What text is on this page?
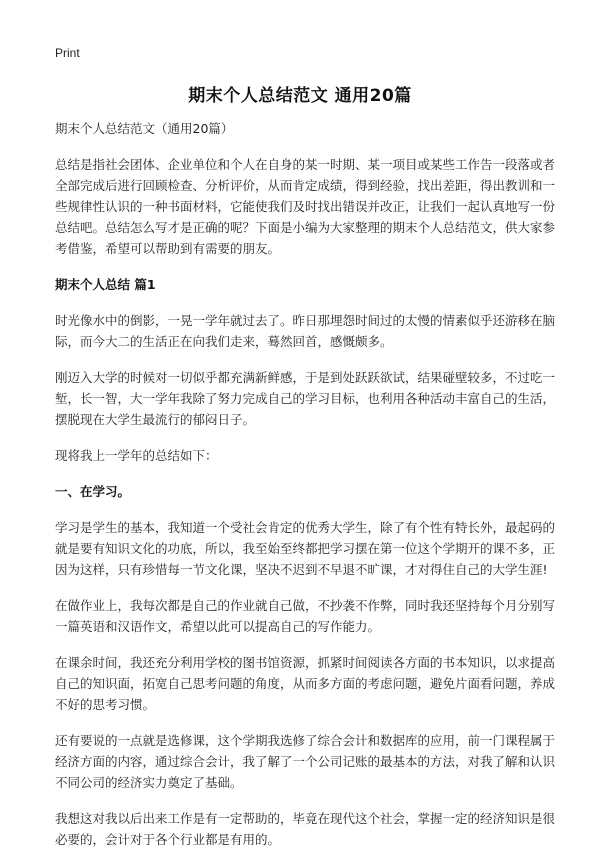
Print
期末个人总结范文 通用20篇
期末个人总结范文（通用20篇）
总结是指社会团体、企业单位和个人在自身的某一时期、某一项目或某些工作告一段落或者全部完成后进行回顾检查、分析评价，从而肯定成绩，得到经验，找出差距，得出教训和一些规律性认识的一种书面材料，它能使我们及时找出错误并改正，让我们一起认真地写一份总结吧。总结怎么写才是正确的呢？下面是小编为大家整理的期末个人总结范文，供大家参考借鉴，希望可以帮助到有需要的朋友。
期末个人总结 篇1
时光像水中的倒影，一晃一学年就过去了。昨日那埋怨时间过的太慢的情素似乎还游移在脑际，而今大二的生活正在向我们走来，蓦然回首，感慨颇多。
刚迈入大学的时候对一切似乎都充满新鲜感，于是到处跃跃欲试，结果碰壁较多，不过吃一堑，长一智，大一学年我除了努力完成自己的学习目标，也利用各种活动丰富自己的生活，摆脱现在大学生最流行的郁闷日子。
现将我上一学年的总结如下：
一、在学习。
学习是学生的基本，我知道一个受社会肯定的优秀大学生，除了有个性有特长外，最起码的就是要有知识文化的功底，所以，我至始至终都把学习摆在第一位这个学期开的课不多，正因为这样，只有珍惜每一节文化课，坚决不迟到不早退不旷课，才对得住自己的大学生涯!
在做作业上，我每次都是自己的作业就自己做，不抄袭不作弊，同时我还坚持每个月分别写一篇英语和汉语作文，希望以此可以提高自己的写作能力。
在课余时间，我还充分利用学校的图书馆资源，抓紧时间阅读各方面的书本知识，以求提高自己的知识面，拓宽自己思考问题的角度，从而多方面的考虑问题，避免片面看问题，养成不好的思考习惯。
还有要说的一点就是选修课，这个学期我选修了综合会计和数据库的应用，前一门课程属于经济方面的内容，通过综合会计，我了解了一个公司记账的最基本的方法，对我了解和认识不同公司的经济实力奠定了基础。
我想这对我以后出来工作是有一定帮助的，毕竟在现代这个社会，掌握一定的经济知识是很必要的，会计对于各个行业都是有用的。
